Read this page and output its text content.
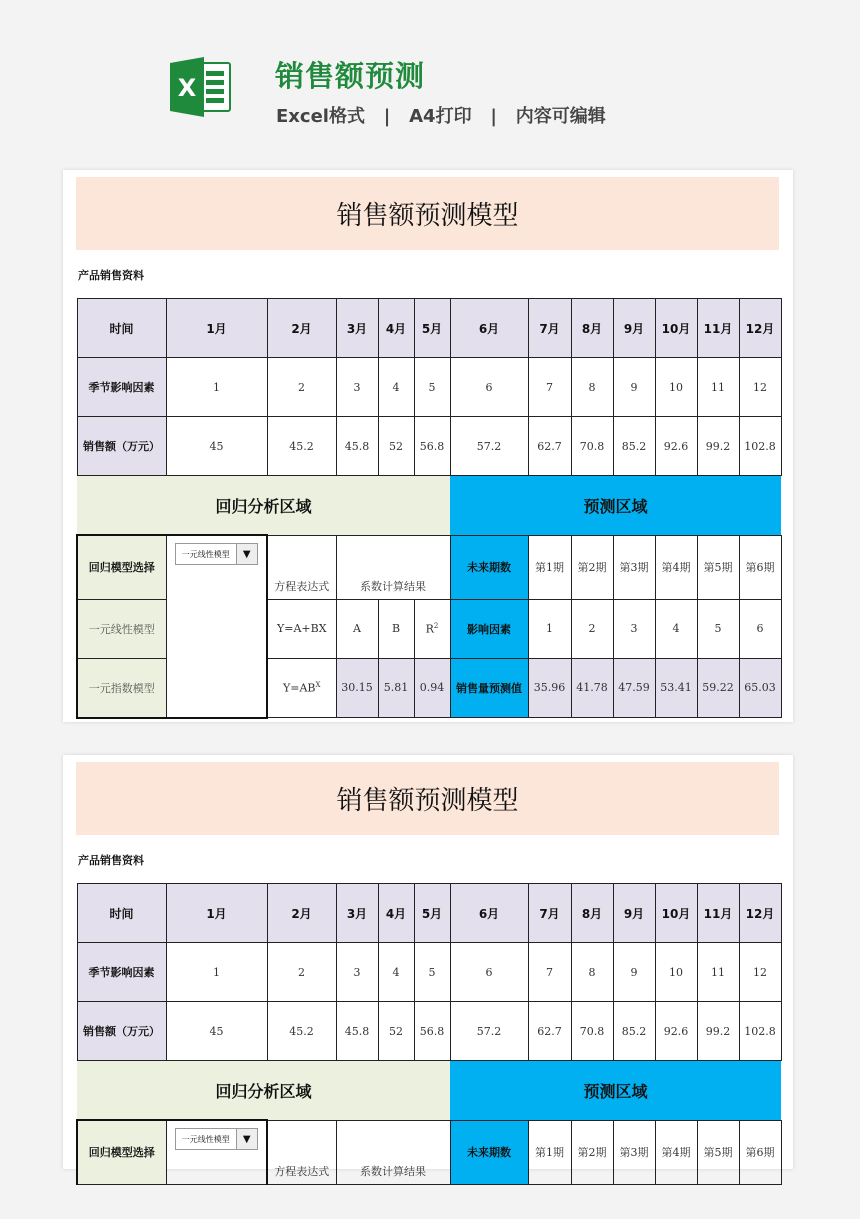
X	销售额预测
Excel格式   |   A4打印   |   内容可编辑
销售额预测模型
产品销售资料
时间	1月	2月	3月	4月	5月	6月	7月	8月	9月	10月	11月	12月
季节影响因素	1	2	3	4	5	6	7	8	9	10	11	12
销售额（万元）	45	45.2	45.8	52	56.8	57.2	62.7	70.8	85.2	92.6	99.2	102.8
回归分析区域						预测区域						
回归模型选择	一元线性模型 ▼	方程表达式	系数计算结果			未来期数	第1期	第2期	第3期	第4期	第5期	第6期
一元线性模型		Y=A+BX	A	B	$R^2$	影响因素	1	2	3	4	5	6
一元指数模型		$Y=AB^X$	30.15	5.81	0.94	销售量预测值	35.96	41.78	47.59	53.41	59.22	65.03
销售额预测模型
产品销售资料
时间	1月	2月	3月	4月	5月	6月	7月	8月	9月	10月	11月	12月
季节影响因素	1	2	3	4	5	6	7	8	9	10	11	12
销售额（万元）	45	45.2	45.8	52	56.8	57.2	62.7	70.8	85.2	92.6	99.2	102.8
回归分析区域						预测区域						
回归模型选择	一元线性模型 ▼	方程表达式	系数计算结果			未来期数	第1期	第2期	第3期	第4期	第5期	第6期
